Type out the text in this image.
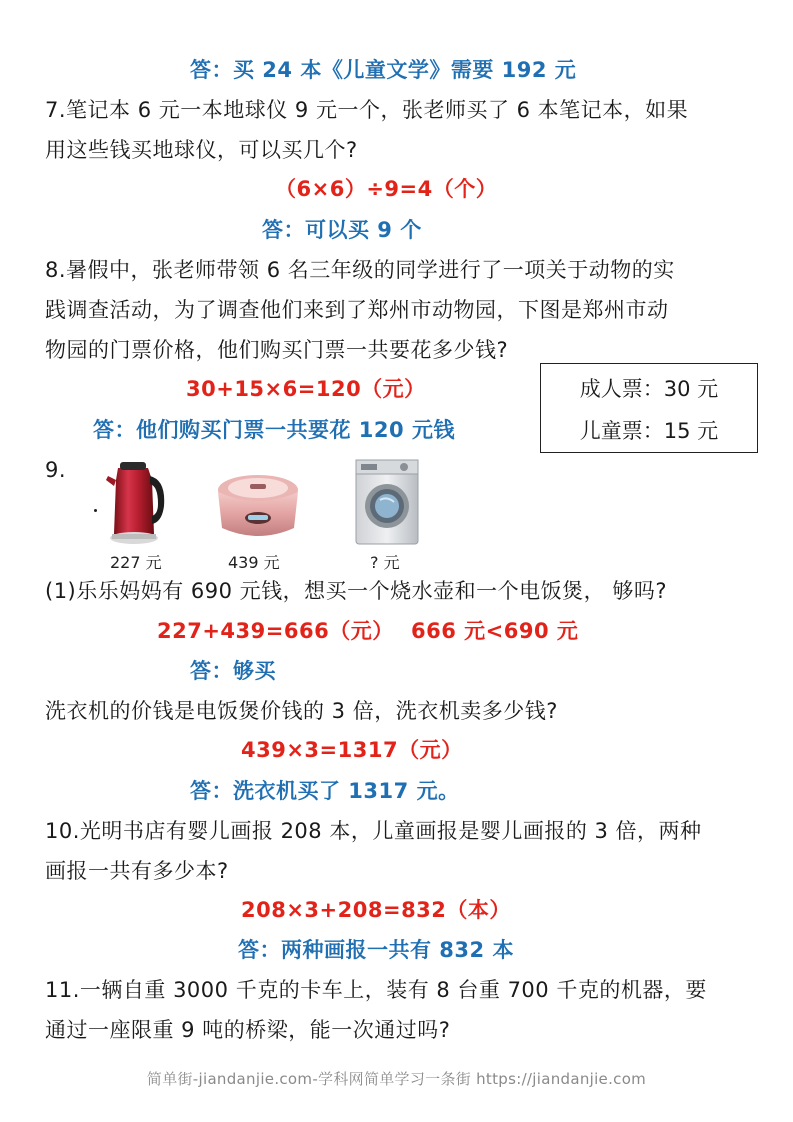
答：买 24 本《儿童文学》需要 192 元
7.笔记本 6 元一本地球仪 9 元一个，张老师买了 6 本笔记本，如果
用这些钱买地球仪，可以买几个?
（6×6）÷9=4（个）
答：可以买 9 个
8.暑假中，张老师带领 6 名三年级的同学进行了一项关于动物的实
践调查活动，为了调查他们来到了郑州市动物园，下图是郑州市动
物园的门票价格，他们购买门票一共要花多少钱?
30+15×6=120（元）
答：他们购买门票一共要花 120 元钱
成人票：30 元
儿童票：15 元
9.
227 元	439 元	? 元
(1)乐乐妈妈有 690 元钱，想买一个烧水壶和一个电饭煲， 够吗?
227+439=666（元） 666 元<690 元
答：够买
洗衣机的价钱是电饭煲价钱的 3 倍，洗衣机卖多少钱?
439×3=1317（元）
答：洗衣机买了 1317 元。
10.光明书店有婴儿画报 208 本，儿童画报是婴儿画报的 3 倍，两种
画报一共有多少本?
208×3+208=832（本）
答：两种画报一共有 832 本
11.一辆自重 3000 千克的卡车上，装有 8 台重 700 千克的机器，要
通过一座限重 9 吨的桥梁，能一次通过吗?
简单街-jiandanjie.com-学科网简单学习一条街 https://jiandanjie.com
